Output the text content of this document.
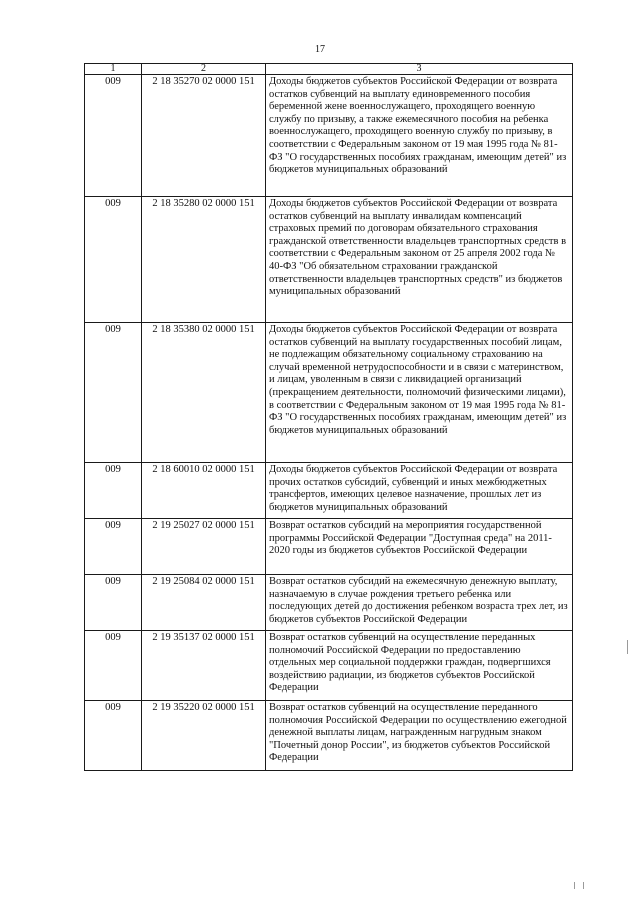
17
1	2	3
009	2 18 35270 02 0000 151	Доходы бюджетов субъектов Российской Федерации от возврата остатков субвенций на выплату единовременного пособия беременной жене военнослужащего, проходящего военную службу по призыву, а также ежемесячного пособия на ребенка военнослужащего, проходящего военную службу по призыву, в соответствии с Федеральным законом от 19 мая 1995 года № 81-ФЗ "О государственных пособиях гражданам, имеющим детей" из бюджетов муниципальных образований
009	2 18 35280 02 0000 151	Доходы бюджетов субъектов Российской Федерации от возврата остатков субвенций на выплату инвалидам компенсаций страховых премий по договорам обязательного страхования гражданской ответственности владельцев транспортных средств в соответствии с Федеральным законом от 25 апреля 2002 года № 40-ФЗ "Об обязательном страховании гражданской ответственности владельцев транспортных средств" из бюджетов муниципальных образований
009	2 18 35380 02 0000 151	Доходы бюджетов субъектов Российской Федерации от возврата остатков субвенций на выплату государственных пособий лицам, не подлежащим обязательному социальному страхованию на случай временной нетрудоспособности и в связи с материнством, и лицам, уволенным в связи с ликвидацией организаций (прекращением деятельности, полномочий физическими лицами), в соответствии с Федеральным законом от 19 мая 1995 года № 81-ФЗ "О государственных пособиях гражданам, имеющим детей" из бюджетов муниципальных образований
009	2 18 60010 02 0000 151	Доходы бюджетов субъектов Российской Федерации от возврата прочих остатков субсидий, субвенций и иных межбюджетных трансфертов, имеющих целевое назначение, прошлых лет из бюджетов муниципальных образований
009	2 19 25027 02 0000 151	Возврат остатков субсидий на мероприятия государственной программы Российской Федерации "Доступная среда" на 2011-2020 годы из бюджетов субъектов Российской Федерации
009	2 19 25084 02 0000 151	Возврат остатков субсидий на ежемесячную денежную выплату, назначаемую в случае рождения третьего ребенка или последующих детей до достижения ребенком возраста трех лет, из бюджетов субъектов Российской Федерации
009	2 19 35137 02 0000 151	Возврат остатков субвенций на осуществление переданных полномочий Российской Федерации по предоставлению отдельных мер социальной поддержки граждан, подвергшихся воздействию радиации, из бюджетов субъектов Российской Федерации
009	2 19 35220 02 0000 151	Возврат остатков субвенций на осуществление переданного полномочия Российской Федерации по осуществлению ежегодной денежной выплаты лицам, награжденным нагрудным знаком "Почетный донор России", из бюджетов субъектов Российской Федерации
